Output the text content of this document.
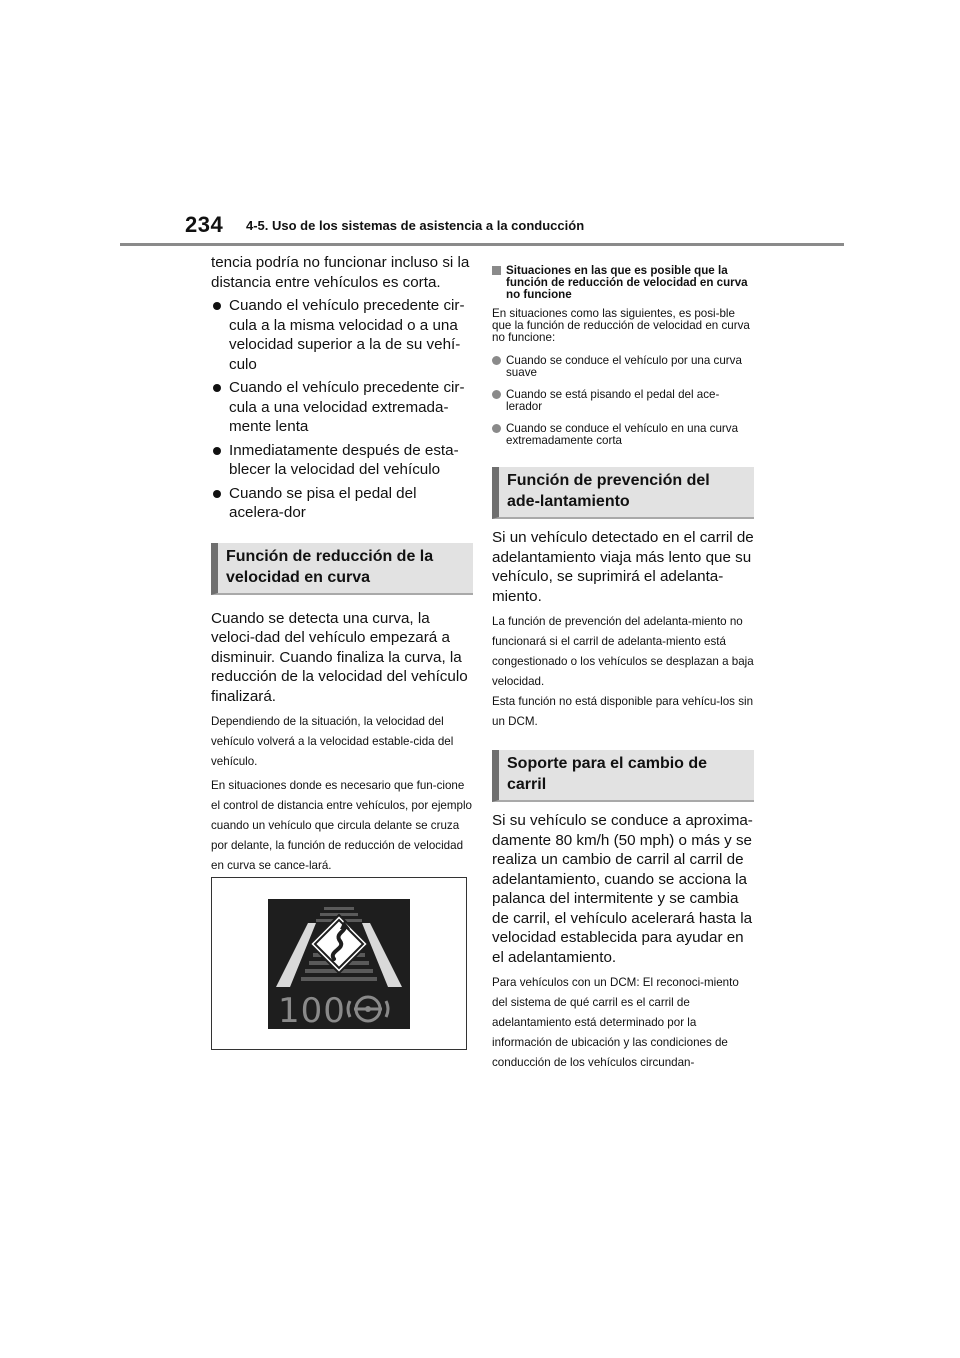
234 4-5. Uso de los sistemas de asistencia a la conducción

tencia podría no funcionar incluso si la distancia entre vehículos es corta.

Cuando el vehículo precedente cir-cula a la misma velocidad o a una velocidad superior a la de su vehí-culo
Cuando el vehículo precedente cir-cula a una velocidad extremada-mente lenta
Inmediatamente después de esta-blecer la velocidad del vehículo
Cuando se pisa el pedal del acelera-dor
Función de reducción de la velocidad en curva

Cuando se detecta una curva, la veloci-dad del vehículo empezará a disminuir. Cuando finaliza la curva, la reducción de la velocidad del vehículo finalizará.

Dependiendo de la situación, la velocidad del vehículo volverá a la velocidad estable-cida del vehículo.

En situaciones donde es necesario que fun-cione el control de distancia entre vehículos, por ejemplo cuando un vehículo que circula delante se cruza por delante, la función de reducción de velocidad en curva se cance-lará.

100
Situaciones en las que es posible que la función de reducción de velocidad en curva no funcione

En situaciones como las siguientes, es posi-ble que la función de reducción de velocidad en curva no funcione:

Cuando se conduce el vehículo por una curva suave
Cuando se está pisando el pedal del ace-lerador
Cuando se conduce el vehículo en una curva extremadamente corta
Función de prevención del ade-lantamiento

Si un vehículo detectado en el carril de adelantamiento viaja más lento que su vehículo, se suprimirá el adelanta-miento.

La función de prevención del adelanta-miento no funcionará si el carril de adelanta-miento está congestionado o los vehículos se desplazan a baja velocidad.

Esta función no está disponible para vehícu-los sin un DCM.

Soporte para el cambio de carril

Si su vehículo se conduce a aproxima-damente 80 km/h (50 mph) o más y se realiza un cambio de carril al carril de adelantamiento, cuando se acciona la palanca del intermitente y se cambia de carril, el vehículo acelerará hasta la velocidad establecida para ayudar en el adelantamiento.

Para vehículos con un DCM: El reconoci-miento del sistema de qué carril es el carril de adelantamiento está determinado por la información de ubicación y las condiciones de conducción de los vehículos circundan-
